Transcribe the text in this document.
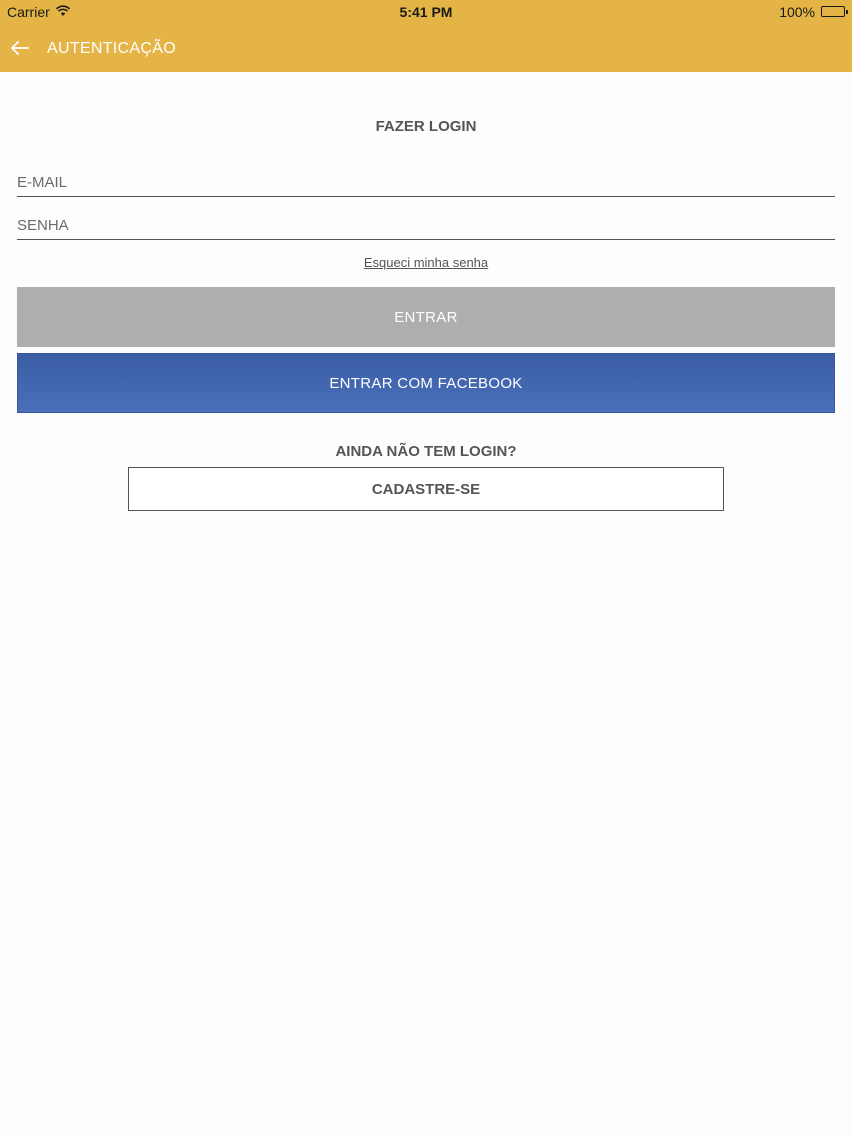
Carrier	5:41 PM	100%
AUTENTICAÇÃO
FAZER LOGIN
E-MAIL
Esqueci minha senha
ENTRAR
ENTRAR COM FACEBOOK
AINDA NÃO TEM LOGIN?
CADASTRE-SE
